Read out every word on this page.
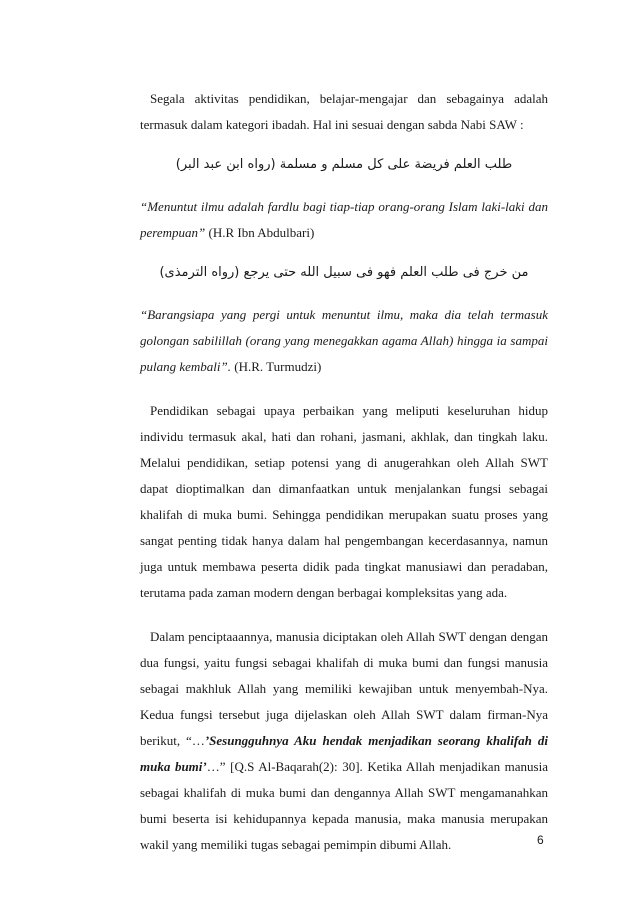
Segala aktivitas pendidikan, belajar-mengajar dan sebagainya adalah termasuk dalam kategori ibadah. Hal ini sesuai dengan sabda Nabi SAW :

طلب العلم فريضة على كل مسلم و مسلمة (رواه ابن عبد البر)

“Menuntut ilmu adalah fardlu bagi tiap-tiap orang-orang Islam laki-laki dan perempuan” (H.R Ibn Abdulbari)

من خرج فى طلب العلم فهو فى سبيل الله حتى يرجع (رواه الترمذى)

“Barangsiapa yang pergi untuk menuntut ilmu, maka dia telah termasuk golongan sabilillah (orang yang menegakkan agama Allah) hingga ia sampai pulang kembali”. (H.R. Turmudzi)

Pendidikan sebagai upaya perbaikan yang meliputi keseluruhan hidup individu termasuk akal, hati dan rohani, jasmani, akhlak, dan tingkah laku. Melalui pendidikan, setiap potensi yang di anugerahkan oleh Allah SWT dapat dioptimalkan dan dimanfaatkan untuk menjalankan fungsi sebagai khalifah di muka bumi. Sehingga pendidikan merupakan suatu proses yang sangat penting tidak hanya dalam hal pengembangan kecerdasannya, namun juga untuk membawa peserta didik pada tingkat manusiawi dan peradaban, terutama pada zaman modern dengan berbagai kompleksitas yang ada.

Dalam penciptaaannya, manusia diciptakan oleh Allah SWT dengan dengan dua fungsi, yaitu fungsi sebagai khalifah di muka bumi dan fungsi manusia sebagai makhluk Allah yang memiliki kewajiban untuk menyembah-Nya. Kedua fungsi tersebut juga dijelaskan oleh Allah SWT dalam firman-Nya berikut, “…’Sesungguhnya Aku hendak menjadikan seorang khalifah di muka bumi’…” [Q.S Al-Baqarah(2): 30]. Ketika Allah menjadikan manusia sebagai khalifah di muka bumi dan dengannya Allah SWT mengamanahkan bumi beserta isi kehidupannya kepada manusia, maka manusia merupakan wakil yang memiliki tugas sebagai pemimpin dibumi Allah.	6
